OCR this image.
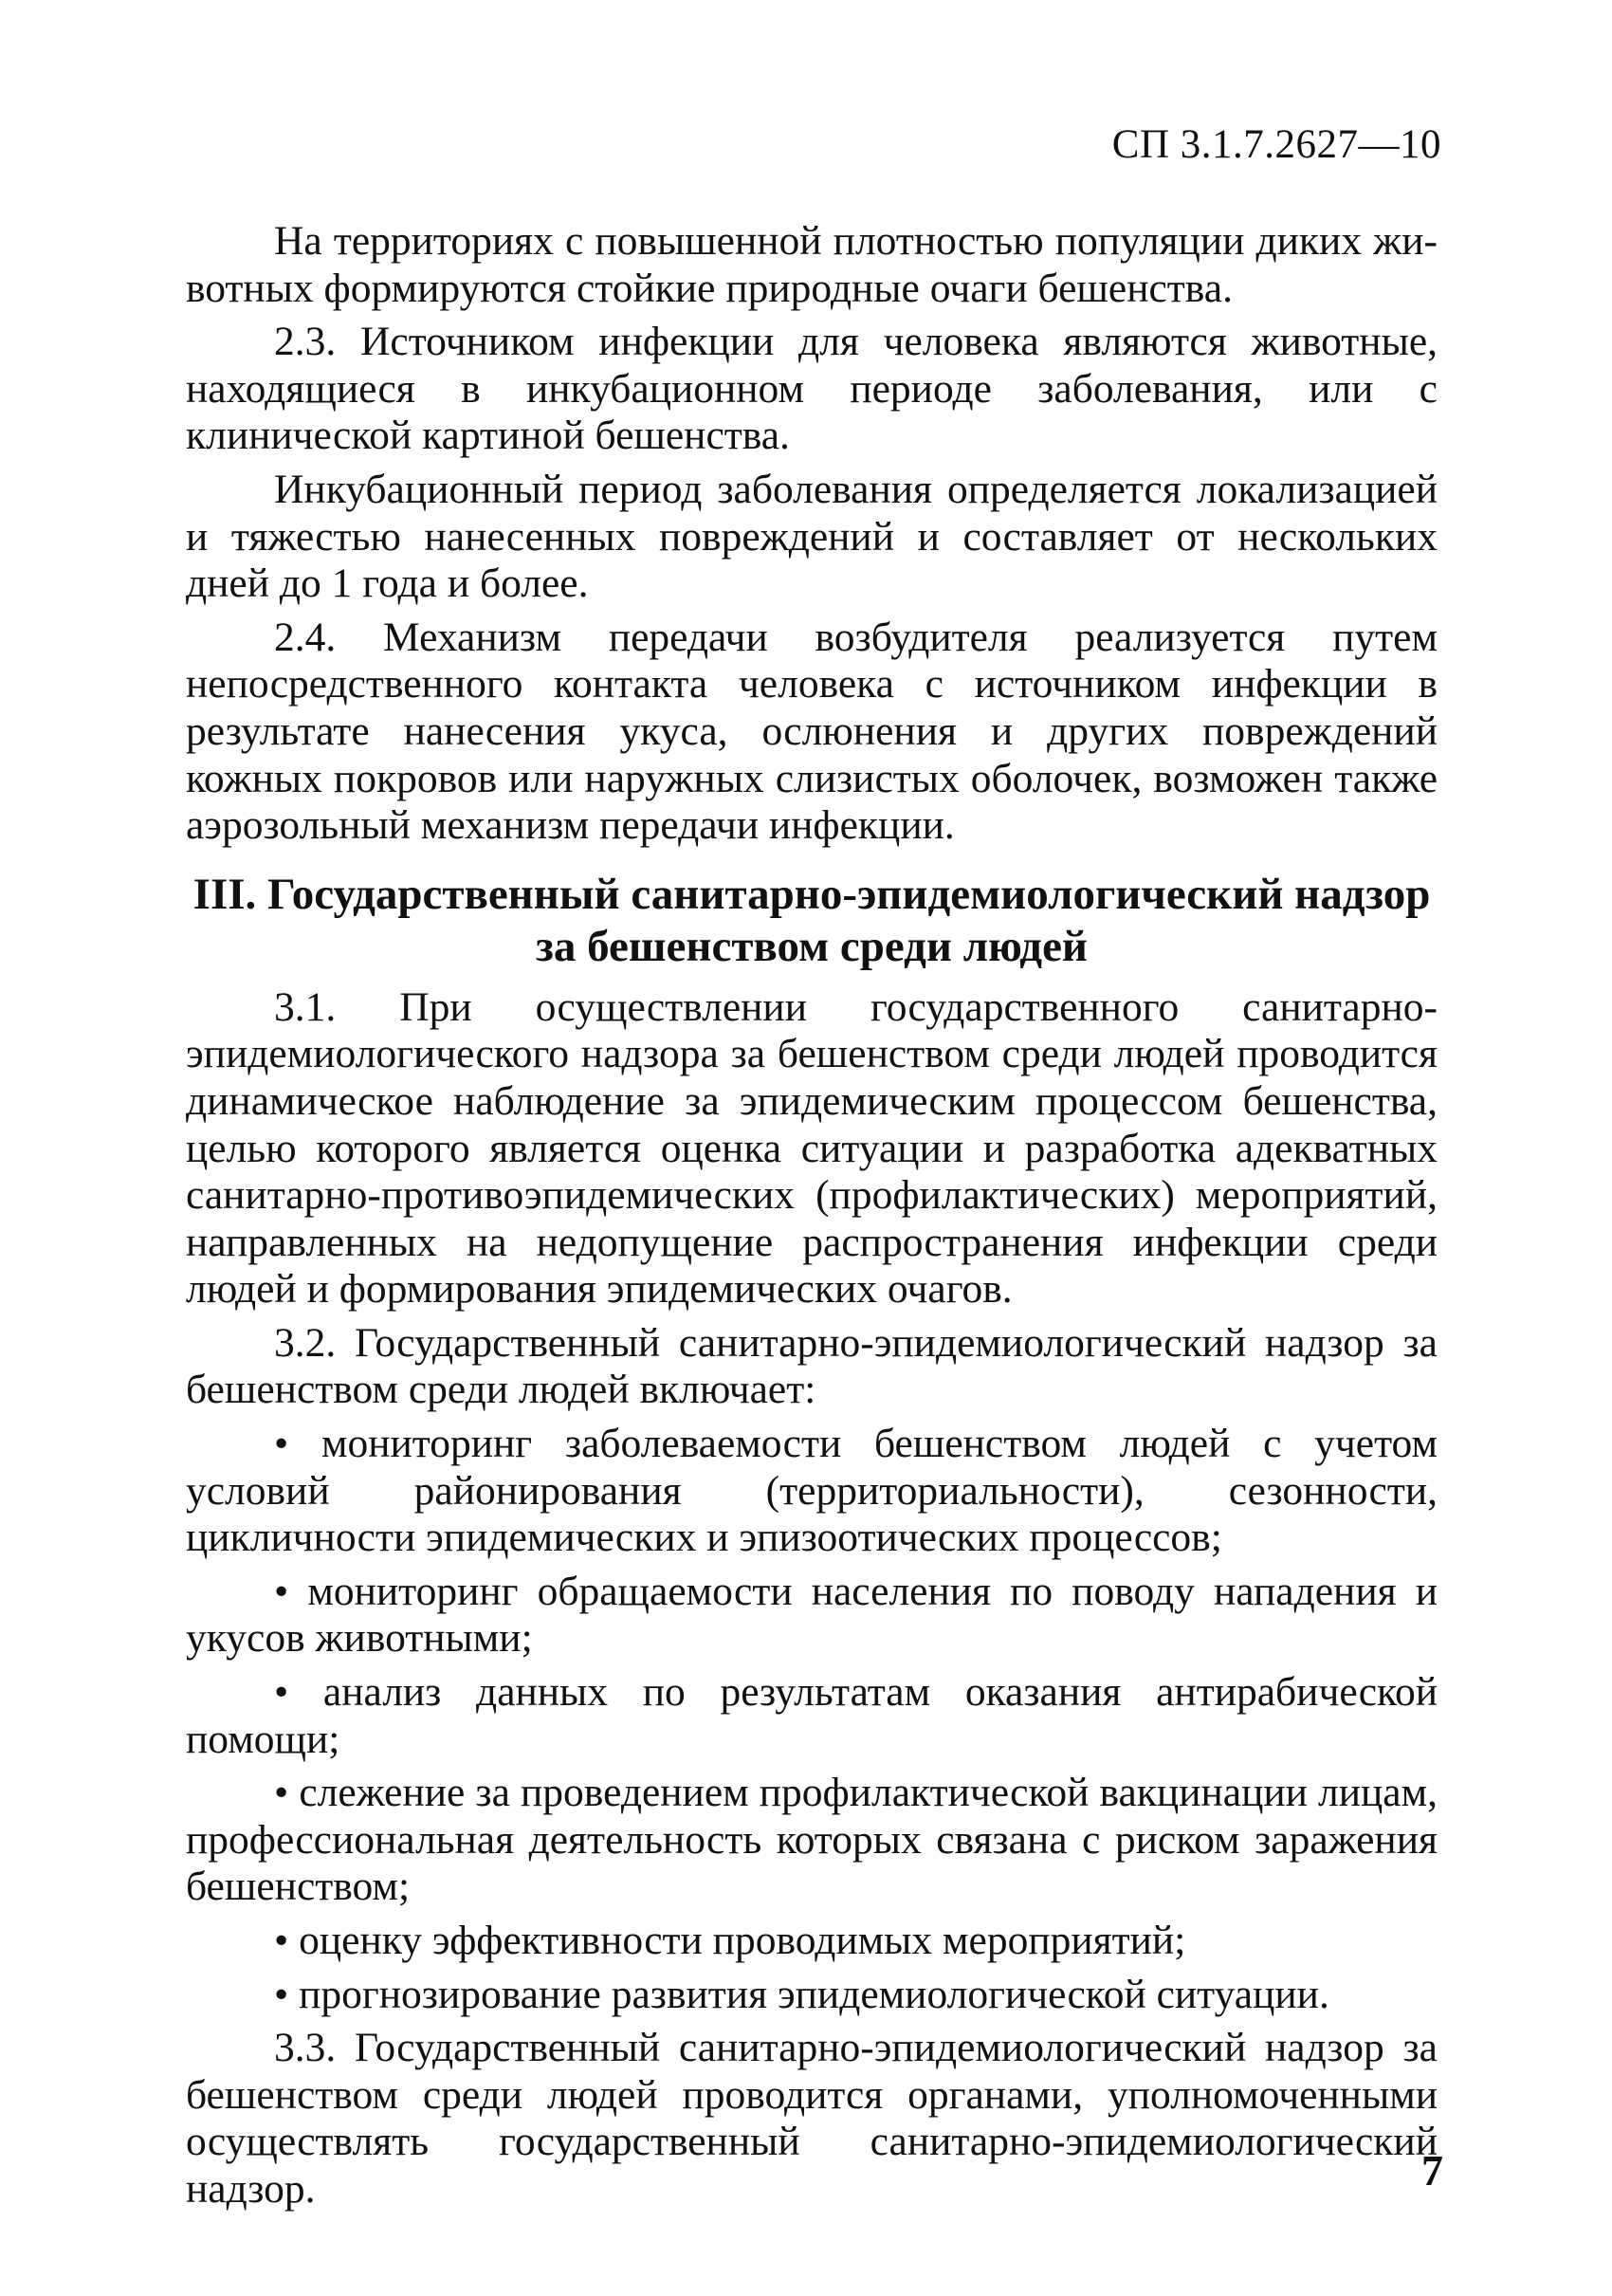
СП 3.1.7.2627—10

На территориях с повышенной плотностью популяции диких животных формируются стойкие природные очаги бешенства.

2.3. Источником инфекции для человека являются животные, находящиеся в инкубационном периоде заболевания, или с клинической картиной бешенства.

Инкубационный период заболевания определяется локализацией и тяжестью нанесенных повреждений и составляет от нескольких дней до 1 года и более.

2.4. Механизм передачи возбудителя реализуется путем непосредственного контакта человека с источником инфекции в результате нанесения укуса, ослюнения и других повреждений кожных покровов или наружных слизистых оболочек, возможен также аэрозольный механизм передачи инфекции.

III. Государственный санитарно-эпидемиологический надзор
за бешенством среди людей

3.1. При осуществлении государственного санитарно-эпидемиологического надзора за бешенством среди людей проводится динамическое наблюдение за эпидемическим процессом бешенства, целью которого является оценка ситуации и разработка адекватных санитарно-противоэпидемических (профилактических) мероприятий, направленных на недопущение распространения инфекции среди людей и формирования эпидемических очагов.

3.2. Государственный санитарно-эпидемиологический надзор за бешенством среди людей включает:

• мониторинг заболеваемости бешенством людей с учетом условий районирования (территориальности), сезонности, цикличности эпидемических и эпизоотических процессов;

• мониторинг обращаемости населения по поводу нападения и укусов животными;

• анализ данных по результатам оказания антирабической помощи;

• слежение за проведением профилактической вакцинации лицам, профессиональная деятельность которых связана с риском заражения бешенством;

• оценку эффективности проводимых мероприятий;

• прогнозирование развития эпидемиологической ситуации.

3.3. Государственный санитарно-эпидемиологический надзор за бешенством среди людей проводится органами, уполномоченными осуществлять государственный санитарно-эпидемиологический надзор.	7
